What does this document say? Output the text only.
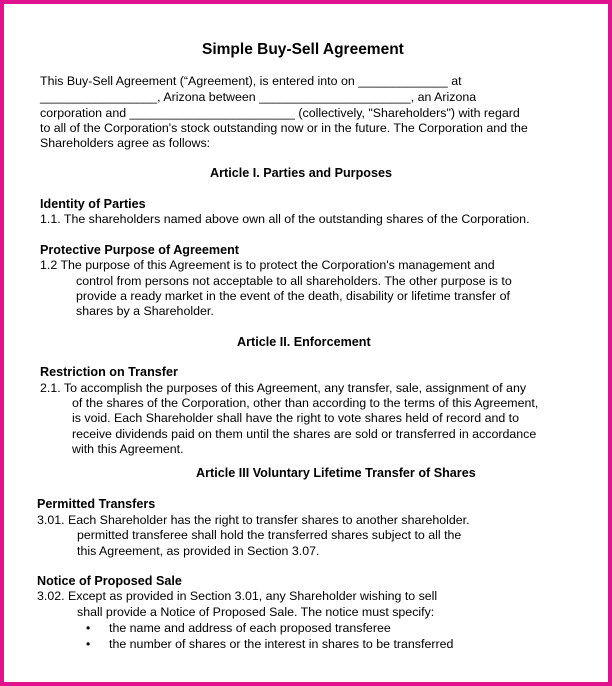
Simple Buy-Sell Agreement
This Buy-Sell Agreement (“Agreement), is entered into on _____________ at
_________________, Arizona between ______________________, an Arizona
corporation and ________________________ (collectively, "Shareholders") with regard
to all of the Corporation's stock outstanding now or in the future. The Corporation and the
Shareholders agree as follows:
Article I. Parties and Purposes
Identity of Parties
1.1. The shareholders named above own all of the outstanding shares of the Corporation.
Protective Purpose of Agreement
1.2 The purpose of this Agreement is to protect the Corporation's management and
control from persons not acceptable to all shareholders. The other purpose is to
provide a ready market in the event of the death, disability or lifetime transfer of
shares by a Shareholder.
Article II. Enforcement
Restriction on Transfer
2.1. To accomplish the purposes of this Agreement, any transfer, sale, assignment of any
of the shares of the Corporation, other than according to the terms of this Agreement,
is void. Each Shareholder shall have the right to vote shares held of record and to
receive dividends paid on them until the shares are sold or transferred in accordance
with this Agreement.
Article III Voluntary Lifetime Transfer of Shares
Permitted Transfers
3.01. Each Shareholder has the right to transfer shares to another shareholder.
permitted transferee shall hold the transferred shares subject to all the
this Agreement, as provided in Section 3.07.
Notice of Proposed Sale
3.02. Except as provided in Section 3.01, any Shareholder wishing to sell
shall provide a Notice of Proposed Sale. The notice must specify:
• the name and address of each proposed transferee
• the number of shares or the interest in shares to be transferred
